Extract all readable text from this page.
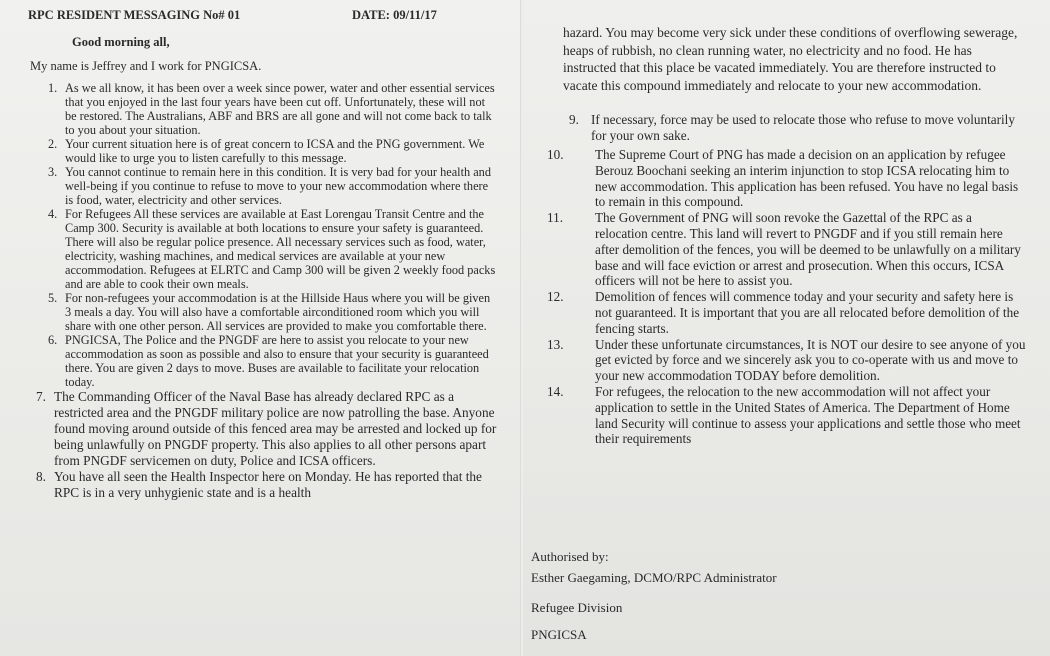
RPC RESIDENT MESSAGING No# 01	DATE: 09/11/17
Good morning all,
My name is Jeffrey and I work for PNGICSA.
1. As we all know, it has been over a week since power, water and other essential services that you enjoyed in the last four years have been cut off. Unfortunately, these will not be restored. The Australians, ABF and BRS are all gone and will not come back to talk to you about your situation.
2. Your current situation here is of great concern to ICSA and the PNG government. We would like to urge you to listen carefully to this message.
3. You cannot continue to remain here in this condition. It is very bad for your health and well-being if you continue to refuse to move to your new accommodation where there is food, water, electricity and other services.
4. For Refugees All these services are available at East Lorengau Transit Centre and the Camp 300. Security is available at both locations to ensure your safety is guaranteed. There will also be regular police presence. All necessary services such as food, water, electricity, washing machines, and medical services are available at your new accommodation. Refugees at ELRTC and Camp 300 will be given 2 weekly food packs and are able to cook their own meals.
5. For non-refugees your accommodation is at the Hillside Haus where you will be given 3 meals a day. You will also have a comfortable airconditioned room which you will share with one other person. All services are provided to make you comfortable there.
6. PNGICSA, The Police and the PNGDF are here to assist you relocate to your new accommodation as soon as possible and also to ensure that your security is guaranteed there. You are given 2 days to move. Buses are available to facilitate your relocation today.
7. The Commanding Officer of the Naval Base has already declared RPC as a restricted area and the PNGDF military police are now patrolling the base. Anyone found moving around outside of this fenced area may be arrested and locked up for being unlawfully on PNGDF property. This also applies to all other persons apart from PNGDF servicemen on duty, Police and ICSA officers.
8. You have all seen the Health Inspector here on Monday. He has reported that the RPC is in a very unhygienic state and is a health
hazard. You may become very sick under these conditions of overflowing sewerage, heaps of rubbish, no clean running water, no electricity and no food. He has instructed that this place be vacated immediately. You are therefore instructed to vacate this compound immediately and relocate to your new accommodation.
9. If necessary, force may be used to relocate those who refuse to move voluntarily for your own sake.
10. The Supreme Court of PNG has made a decision on an application by refugee Berouz Boochani seeking an interim injunction to stop ICSA relocating him to new accommodation. This application has been refused. You have no legal basis to remain in this compound.
11. The Government of PNG will soon revoke the Gazettal of the RPC as a relocation centre. This land will revert to PNGDF and if you still remain here after demolition of the fences, you will be deemed to be unlawfully on a military base and will face eviction or arrest and prosecution. When this occurs, ICSA officers will not be here to assist you.
12. Demolition of fences will commence today and your security and safety here is not guaranteed. It is important that you are all relocated before demolition of the fencing starts.
13. Under these unfortunate circumstances, It is NOT our desire to see anyone of you get evicted by force and we sincerely ask you to co-operate with us and move to your new accommodation TODAY before demolition.
14. For refugees, the relocation to the new accommodation will not affect your application to settle in the United States of America. The Department of Home land Security will continue to assess your applications and settle those who meet their requirements
Authorised by:
Esther Gaegaming, DCMO/RPC Administrator
Refugee Division
PNGICSA
